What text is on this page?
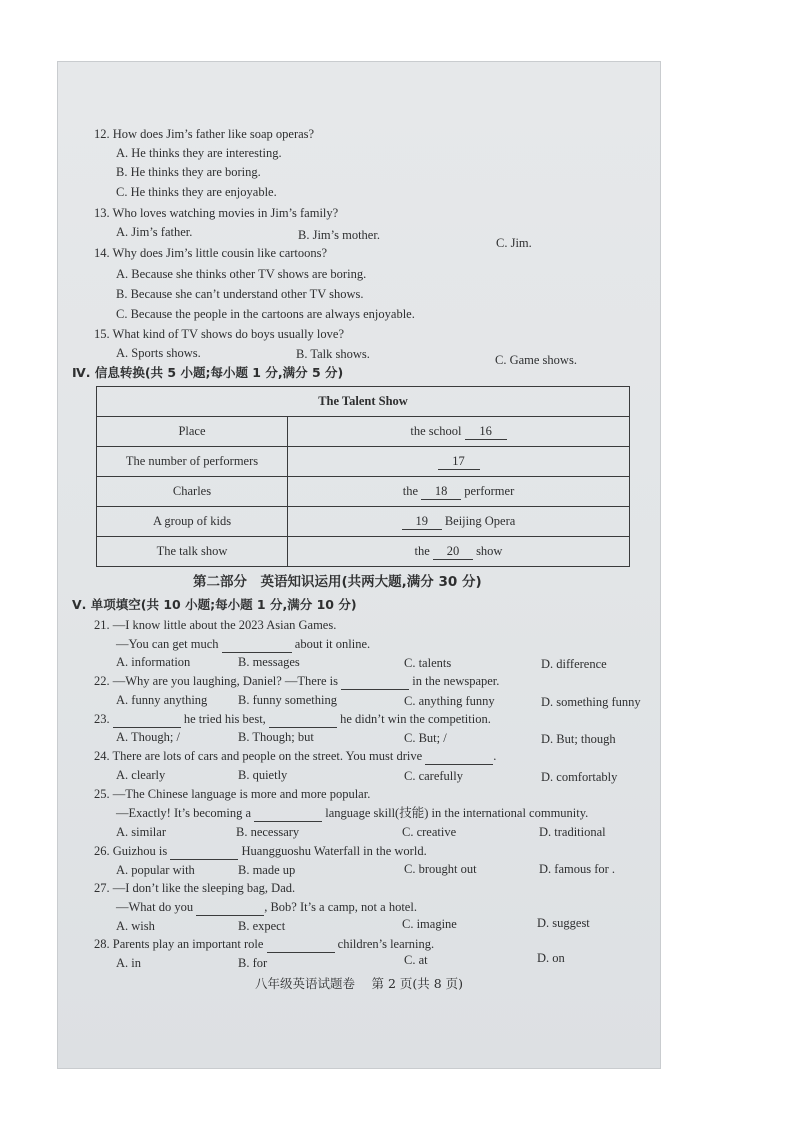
12. How does Jim’s father like soap operas?
A. He thinks they are interesting.
B. He thinks they are boring.
C. He thinks they are enjoyable.
13. Who loves watching movies in Jim’s family?
A. Jim’s father.	B. Jim’s mother.
C. Jim.
14. Why does Jim’s little cousin like cartoons?
A. Because she thinks other TV shows are boring.
B. Because she can’t understand other TV shows.
C. Because the people in the cartoons are always enjoyable.
15. What kind of TV shows do boys usually love?
A. Sports shows.	B. Talk shows.	C. Game shows.
Ⅳ. 信息转换(共 5 小题;每小题 1 分,满分 5 分)
The Talent Show	
Place	the school 16
The number of performers	17
Charles	the 18 performer
A group of kids	19 Beijing Opera
The talk show	the 20 show
第二部分　英语知识运用(共两大题,满分 30 分)
Ⅴ. 单项填空(共 10 小题;每小题 1 分,满分 10 分)
21. —I know little about the 2023 Asian Games.
—You can get much	about it online.
A. information	B. messages	C. talents	D. difference
22. —Why are you laughing, Daniel? —There is	in the newspaper.
A. funny anything B. funny something	C. anything funny	D. something funny
23.	he tried his best,	he didn’t win the competition.
A. Though; /	B. Though; but	C. But; /	D. But; though
24. There are lots of cars and people on the street. You must drive	.
A. clearly	B. quietly	C. carefully	D. comfortably
25. —The Chinese language is more and more popular.
—Exactly! It’s becoming a	language skill(技能) in the international community.
A. similar	B. necessary	C. creative	D. traditional
26. Guizhou is	Huangguoshu Waterfall in the world.
A. popular with	B. made up	C. brought out	D. famous for .
27. —I don’t like the sleeping bag, Dad.
—What do you	, Bob? It’s a camp, not a hotel.
A. wish	B. expect	C. imagine	D. suggest
28. Parents play an important role	children’s learning.
A. in	B. for	C. at	D. on
八年级英语试题卷　 第 2 页(共 8 页)
